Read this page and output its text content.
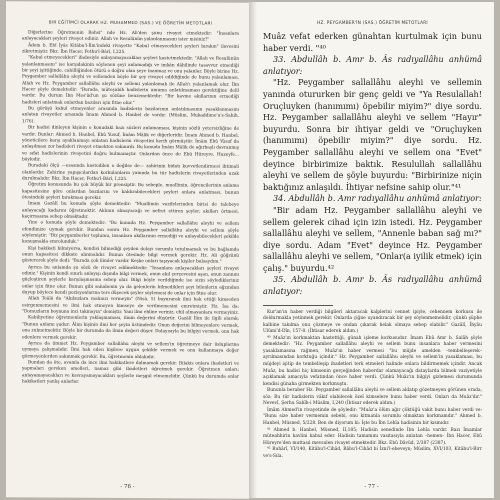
BIR EĞİTİMCİ OLARAK HZ. MUHAMMED (SAS.) VE ÖĞRETİM METOTLARI

Diğerlerine Öğretmenin Bahsi" nde Hz. Ali'den şunu rivayet etmektedir: "İnsanlara anlayacakları şeyleri rivayet ediniz. Allah ve Resulünün yalanlanmasını ister misiniz?"

Âdem b. Ebî İyâs Kitâbu'l-İlm'indeki rivayette "Kabul etmeyecekleri şeyleri bırakın" ilavesini zikretmiştir. Bkz. İbn Hacer, Fethu'l-Bârî, I,225.

"Kabul etmeyecekleri" ifadesiyle anlayamayacakları şeyleri kastetmektedir. "Allah ve Resulünün yalanlanmasını" ise karşıdakinin söylenen şeyi anlamadığı ve imkân dâhilinde tasavvur etmediği bir şeyi işittiğinde, cahilliğinden ötürü o doğru olan şeye inanmaz ve onu yalanlar. Böyle birine Hz. Peygamber sallallâhu aleyhi ve sellemden böyle bir şey rivayet edildiğinde de bunu yalanlaması, Allah ve Hz. Peygamber sallallâhu aleyhi ve sellemi yalanlamak ile Allah'ı yalanlamak olur. İbn Hacer şöyle demektedir: "Burada, müteşabih hadislerin umuma anlatılmaması gerektiğine delil vardır. Bu durum İbn Mes'ûd'un şu sözüne benzemektedir: "Bir kavme akıllarının ermediği hadisleri anlatmak onlardan bazıları için fitne olur."

Bu görüşü kabul etmeyenler arasında hadislerin bazılarının anlatılmasının yasaklanmasını anlatan rivayetler arasında İmam Ahmed b. Hanbel de vardır. (Müslim, Mukaddime'u's-Sahih, 1/76).

Bir hadisi dinleyen kişinin o konudaki bazı sözleri anlamaması, kişinin sözlü yetersizliğine de vardır. Bunlar: Ahmed b. Hanbel, Ebû Yusuf, İmâm Mâlik ve diğerleridir. İmam Ahmed b. Hanbel, yöneticilere karşı ayaklanmayı anlatan hadislerin rivayetini kerih görmüştür. İmâm Ebû Yûsuf da anlaşılması zor hadisleri rivayet etmekten sakınırdı. Bu konuda İmâm Mâlik de ağırbaşlı davranmış ve sıfat hadislerinin rivayetini doğru bulmamıştır. Onlardan önce de Ebû Hüreyre, Huzeyfe... böyledir.

Buradaki ölçü —esasında kastedilen o değilse de— zahirinin bidatı kuvvetlendirmesi ihtimali olanlardır. Zahirine yapışıcılardan korkulanların yanında bu tür hadislerin rivayetlerinden uzak durulmalıdır. Bkz. İbn Hacer, Fethu'l-Bârî, I,225.

Öğretim konusunda bu çok büyük bir prensiptir. Bu sebeple, muallimin, öğrencilerinin anlama kapasitesine göre onlardan bazılarını ve kaldırabilecekleri şeyleri onlara anlatması, bunun ötesindeki şeyleri bırakması gerekir.

İmam Gazâlî bu konuda şöyle demektedir: "Muallimin vazifelerinden birisi de talebeye anlayacağı kadarını öğretmektir. Aklının almayacağı ve nefret ettiren şeyler, akılları örtmesi, kaçırmasına sebep olmaktadır.

Yine o konuda şöyle demektedir: "Bu konuda Hz. Peygamber sallallâhu aleyhi ve sellem efendimize uymak gerekir. Bundan sonra Hz. Peygamber sallallâhu aleyhi ve sellem şöyle söylemiştir: "Biz peygamberler toplumu, insanlara akıllarının ermediği ve anlayabilecekleri şekilde konuşmakla emrolunduk."

Kişi hakikati bilmiyorsa, kendisi bilmediği şeyden dolayı sorumlu tutulmamalı ve bu bağlamda onun kapasitesi dikkate alınmalıdır. Bunun ötesinde bilgi vermek gerekir. Hz. Ali göğsünü göstererek şöyle dedi: "Burada çok ilimler vardır. Keşke onları taşıyacak kişiler bulsaydım."

Ayrıca bu anlamda şu sözü de rivayet edilmektedir: "İnsanlara anlayacakları şeyleri rivayet ediniz." Kişinin kendi sınırlı anlayışı dışında bilgi vermek, onun akıl çerçevesini aşan, onun zannını güçleştiren şeylerle karşılaşmasına sebep olur. Bilgi böyle verildiğinde ise sizin söyledikleriniz onlar için fitne olur. Bunun gibi sahabenin ya da gelenlerin bilmedikleri şeyi bilenlerin ağzından duyup böylece kendi pozisyonlarına ters düşecek şeyler söylemesi de onlar için fitne olur.

Allah Teâlâ da "Akılsızlara malınızı vermeyin" (Nisâ, 5) buyurarak ilmi hak ettiği kimseden esirgenmemesini ve ilmi hak etmeyen kimseye de verilmemesini emretmiştir. Hz. İsa da: "Domuzların boynuna inci takmayın" demiştir. Yani ilmi ehline veriniz, ehil olmayanlara vermeyiniz.

Kabiliyetine öğretmenlerin yaklaşmaması, ilmin değerini düşürür. Gazâlî İlim ile ilgili olarak; "Bunun anlamı şudur: Âlim kişinin ilmi her şeyin üstündedir. Onun değerini bilmeyenlere vermek, ona zulmetmektir. Böyle bir durumda da ilmin değeri düşer. Dolayısıyla bu bilgiyi vermek, onu hak edenlere vermek gerekir.

Ayrıca da ümmet Hz. Peygamber sallallâhu aleyhi ve sellem'in öğretmeye dair üsluplarına uymaya çalışmalıdır. İlmi hak eden kişilere uygun şekilde vermek ve onu kullanmaya değer görmeyenlerden sakınmak gerekir. Bu, öğretmenin ahlakıdır.

Bundan da öte, avamla da ince ilmi hakikatlere dalmamak gerekir. Bilakis onlara ibadetleri ve yapmaları gereken amelleri, namaz gibi ibadetleri öğretmek gerekir. Öğretmen onları; anlayamayacakları ve kavrayamayacakları şeylerle meşgul etmemelidir. Çünkü bu durumda onlar hakikatleri yanlış anlarlar.

- 76 -
HZ. PEYGAMBER'İN (SAS.) ÖĞRETİM METOTLARI

Muâz vefat ederken günahtan kurtulmak için bunu haber verdi. "⁴⁰

33. Abdullâh b. Amr b. Âs radıyallâhu anhümâ anlatıyor:

"Hz. Peygamber sallallâhu aleyhi ve sellemin yanında otururken bir genç geldi ve "Ya Resulallah! Oruçluyken (hanımımı) öpebilir miyim?" diye sordu. Hz. Peygamber sallallâhu aleyhi ve sellem "Hayır" buyurdu. Sonra bir ihtiyar geldi ve "Oruçluyken (hanımımı) öpebilir miyim?" diye sordu. Hz. Peygamber sallallâhu aleyhi ve sellem ona "Evet" deyince birbirimize baktık. Resulullah sallallâhu aleyhi ve sellem de şöyle buyurdu: "Birbirinize niçin baktığınız anlaşıldı. İhtiyar nefsine sahip olur."⁴¹

34. Abdullâh b. Amr radıyallâhu anhümâ anlatıyor:

"Bir adam Hz. Peygamber sallallâhu aleyhi ve sellem gelerek cihad için izin istedi. Hz. Peygamber sallallâhu aleyhi ve sellem, "Annenle baban sağ mı?" diye sordu. Adam "Evet" deyince Hz. Peygamber sallallâhu aleyhi ve sellem, "Onlar(a iyilik etmek) için çalış." buyurdu.⁴²

35. Abdullâh b. Amr b. Âs radıyallâhu anhümâ anlatıyor:

Kur'an'ın haber verdiği bilgileri aktaracak kalplerini cennet ipiyle, cehennem korkusu ile doldurmakla yetinmek gerekir. Onlarda çiğne uyandıracak bir şey söylenmemelidir, çünkü şüphe kalbine takılma onu çözmeye ve ondan çıkarak helak olmaya sebep olabilir." Gazâlî, İhyâu Ulûmi'd-Dîn, 157-8. (İhtisar ederek aldım.)

⁴⁰ Muâz'ın korkmaktan kastettiği, günah işleme korkusudur. İmam Ebû Amr b. Salâh şöyle demektedir: "Hz. Peygamber sallallâhu aleyhi ve sellem bunu insanlara haber vermesini yasaklamasına rağmen, Muâz'ın haber vermesi "bu müjde amelden –tembelleşerek– ayrılmasından korktuğu içindir." Hz. Peygamber sallallâhu aleyhi ve sellem'in yasaklaması, bu müjdeyi işitip de tembelleşip ibadetleri terk etmeleri halinde onlara bildirmemek içindir. Ancak Muâz, bu hadisi hiç kimsenin gerçeğinden haberdar olamayacağı dataylarda bilmek vaziyetiyle açıklamak amacıyla vefatından önce haber verdi. Çünkü Muâz'ın bilgiyi gizlemesi durumunda kendisi günaha girmekten korkmuştu.

Bununla beraber Hz. Peygamber sallallâhu aleyhi ve sellem aldatıp gözetmeyen görünen orada, söz: Bu tür hadislerin vâkıf olabilecek özel kimselere bunu haber verdi. Onları da Muâz'dır." Nevevî, Şerhu Sahîh-i Müslim, I,240 (İhtisar ederek aldım.)

İmâm Ahmed'in rivayetinde de şöyledir: "Muâz'a ölüm ağır çöktüğü vakit bunu haber verdi ve: "Bunu size haber vermemin sebebi, onu kitmanla sorumlu olmaktan korkmamdır." Ahmed b. Hanbel, Müsned, 5/228. Ben de diyorum ki: İşte bu İbn Lehîa hadisinin bir kısmıdır.

⁴¹ Ahmed b. Hanbel, Müsned, II,185; Hadisin senedinde İbn Lehîa vardır. Bazı İmamlar müteahhirin kavlini kabul eder. Hadisin tamamını vasıtasıyla anlatan –hemen– İbn Hacer, Ebû Hüreyre'den muttasıl mevsulen rivayet etmektedir. Bkz. Ebû Dâvûd, 2/387 (2387).

⁴² Buhârî, VI/140, Kitâbu'l-Cihâd, Bâbu'l-Cihâd bi İzni'l-ebeveyn; Müslim, XVI/103, Kitâbu'l-Birr ve's-Sıla.

- 77 -
